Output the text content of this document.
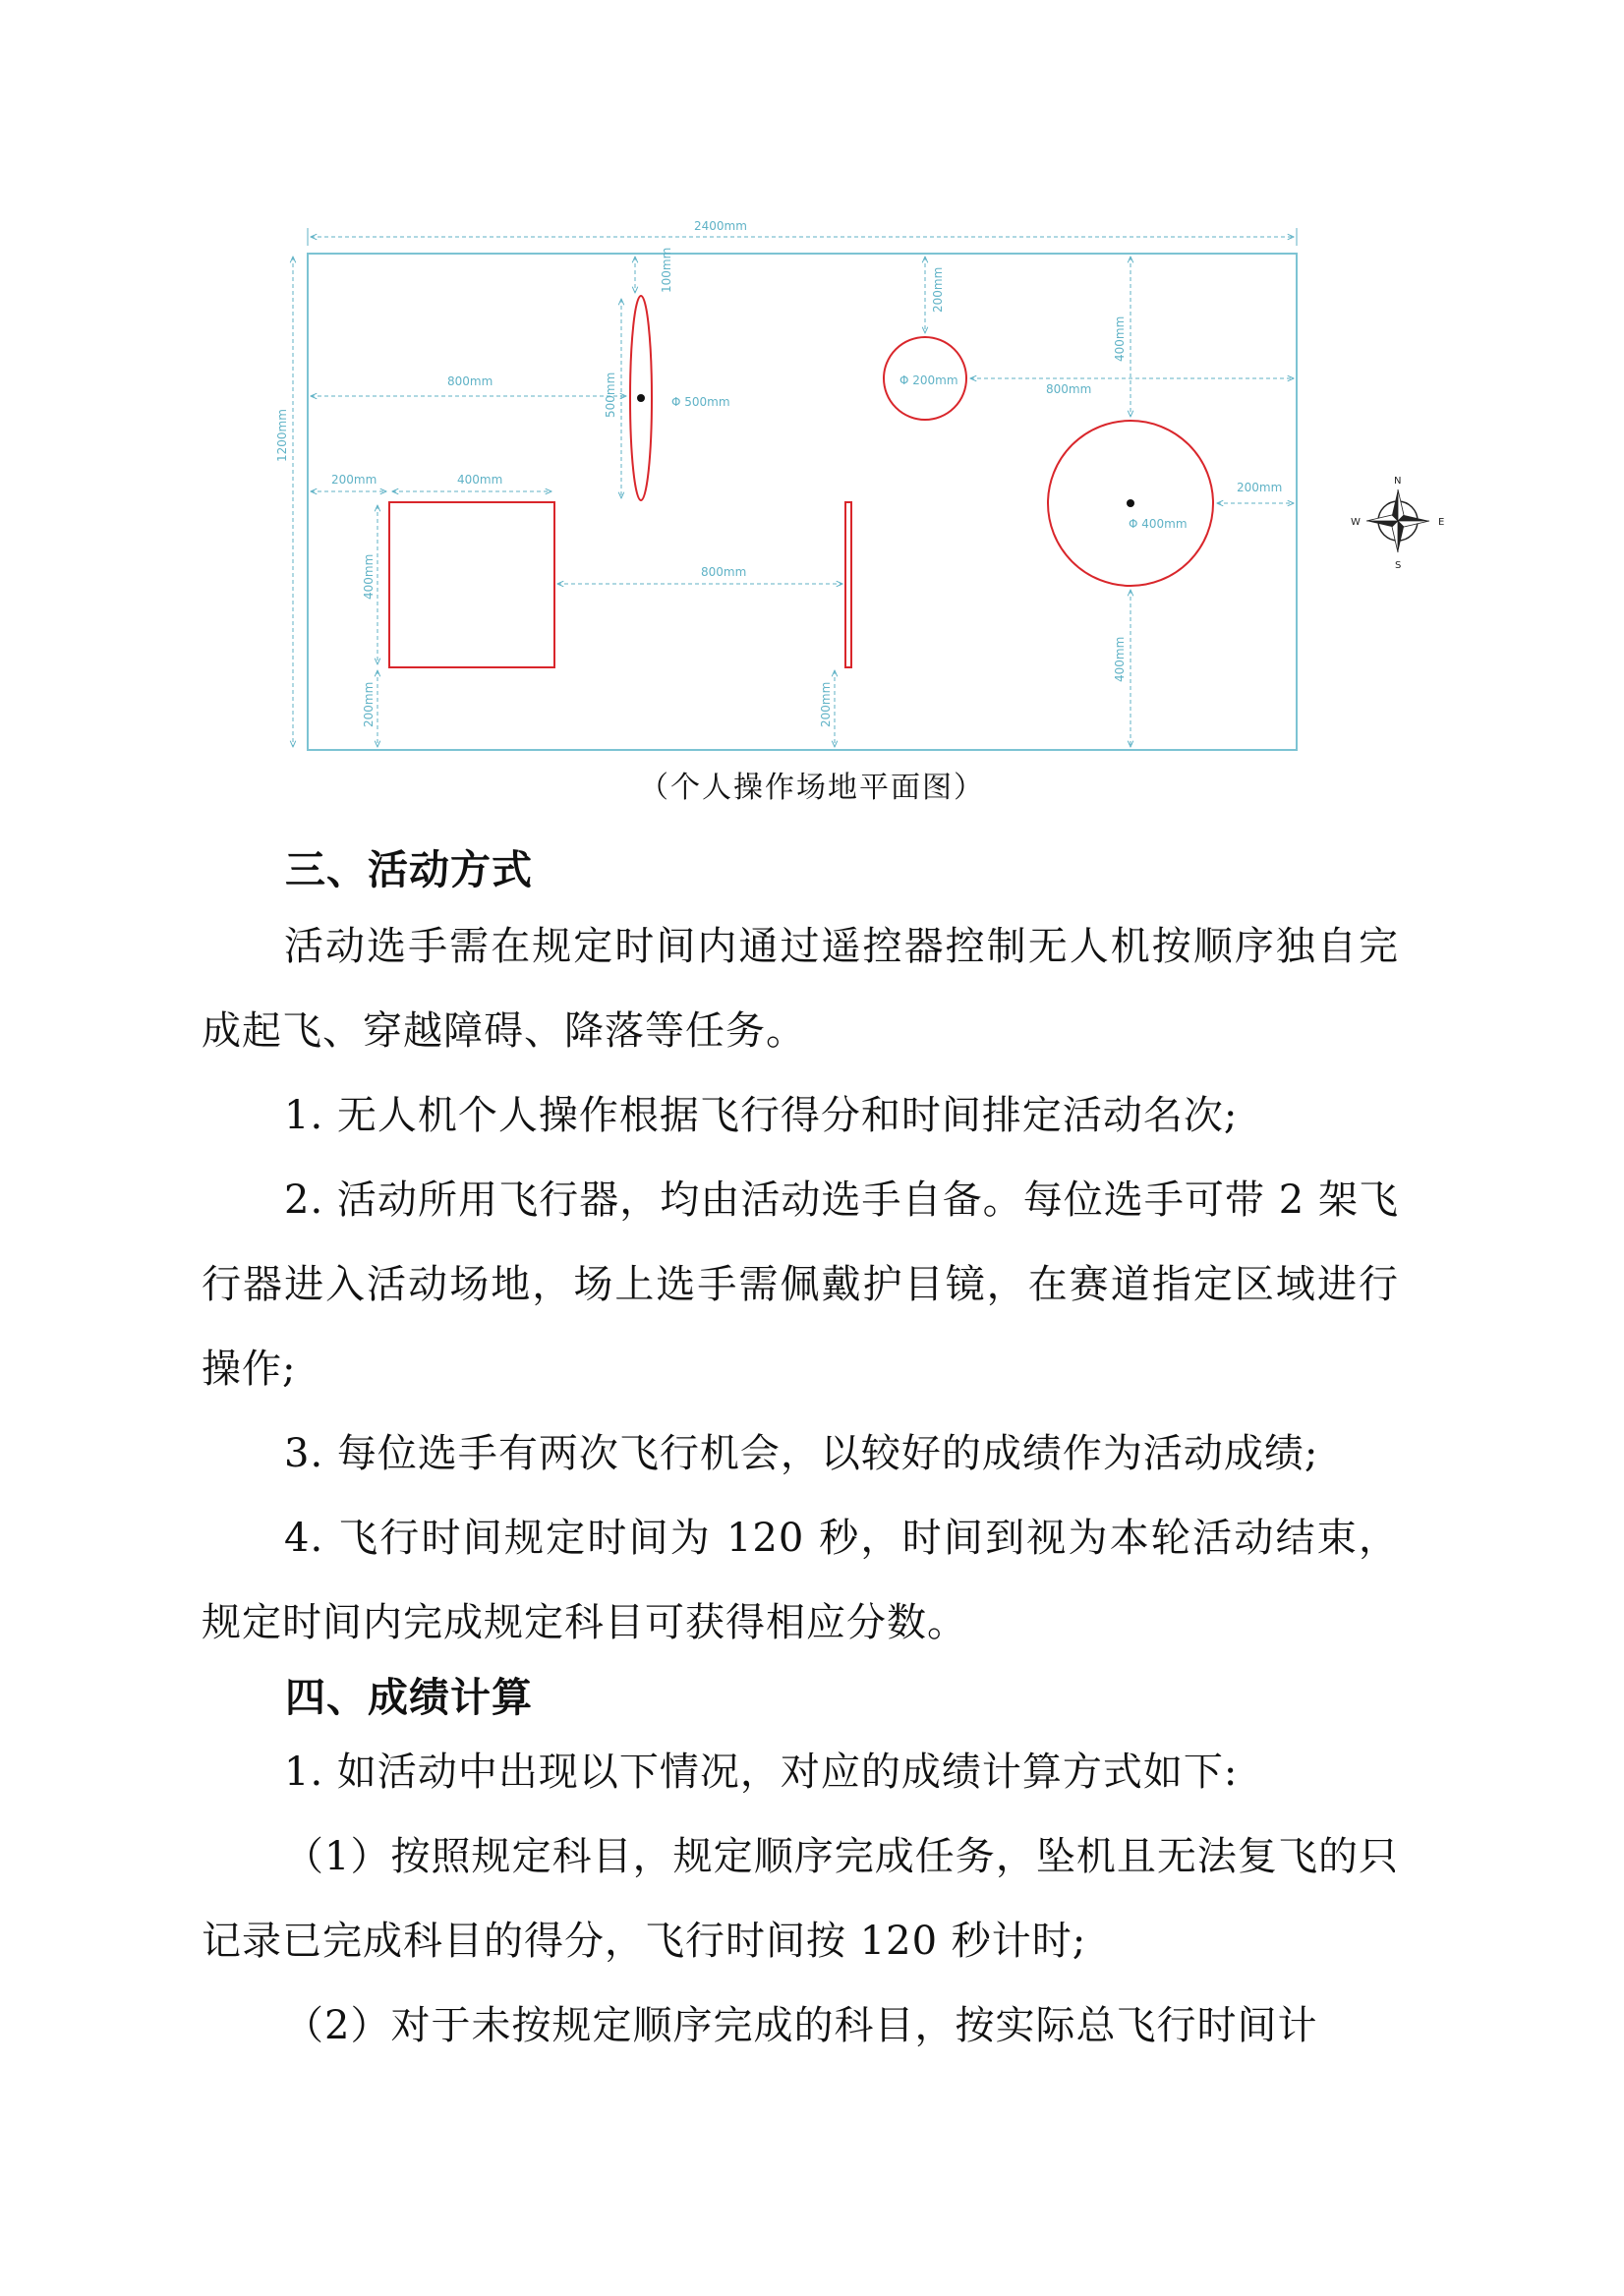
2400mm
1200mm
800mm	500mm
100mm
Φ 500mm
200mm
Φ 200mm
800mm
400mm
Φ 400mm
200mm
400mm
200mm	400mm
400mm
200mm
800mm
200mm
N
S
E
W
（个人操作场地平面图）
三、活动方式

活动选手需在规定时间内通过遥控器控制无人机按顺序独自完成起飞、穿越障碍、降落等任务。

1. 无人机个人操作根据飞行得分和时间排定活动名次;

2. 活动所用飞行器，均由活动选手自备。每位选手可带 2 架飞行器进入活动场地，场上选手需佩戴护目镜，在赛道指定区域进行操作;

3. 每位选手有两次飞行机会，以较好的成绩作为活动成绩;

4. 飞行时间规定时间为 120 秒，时间到视为本轮活动结束，规定时间内完成规定科目可获得相应分数。

四、成绩计算

1. 如活动中出现以下情况，对应的成绩计算方式如下:

（1）按照规定科目，规定顺序完成任务，坠机且无法复飞的只记录已完成科目的得分，飞行时间按 120 秒计时;

（2）对于未按规定顺序完成的科目，按实际总飞行时间计
